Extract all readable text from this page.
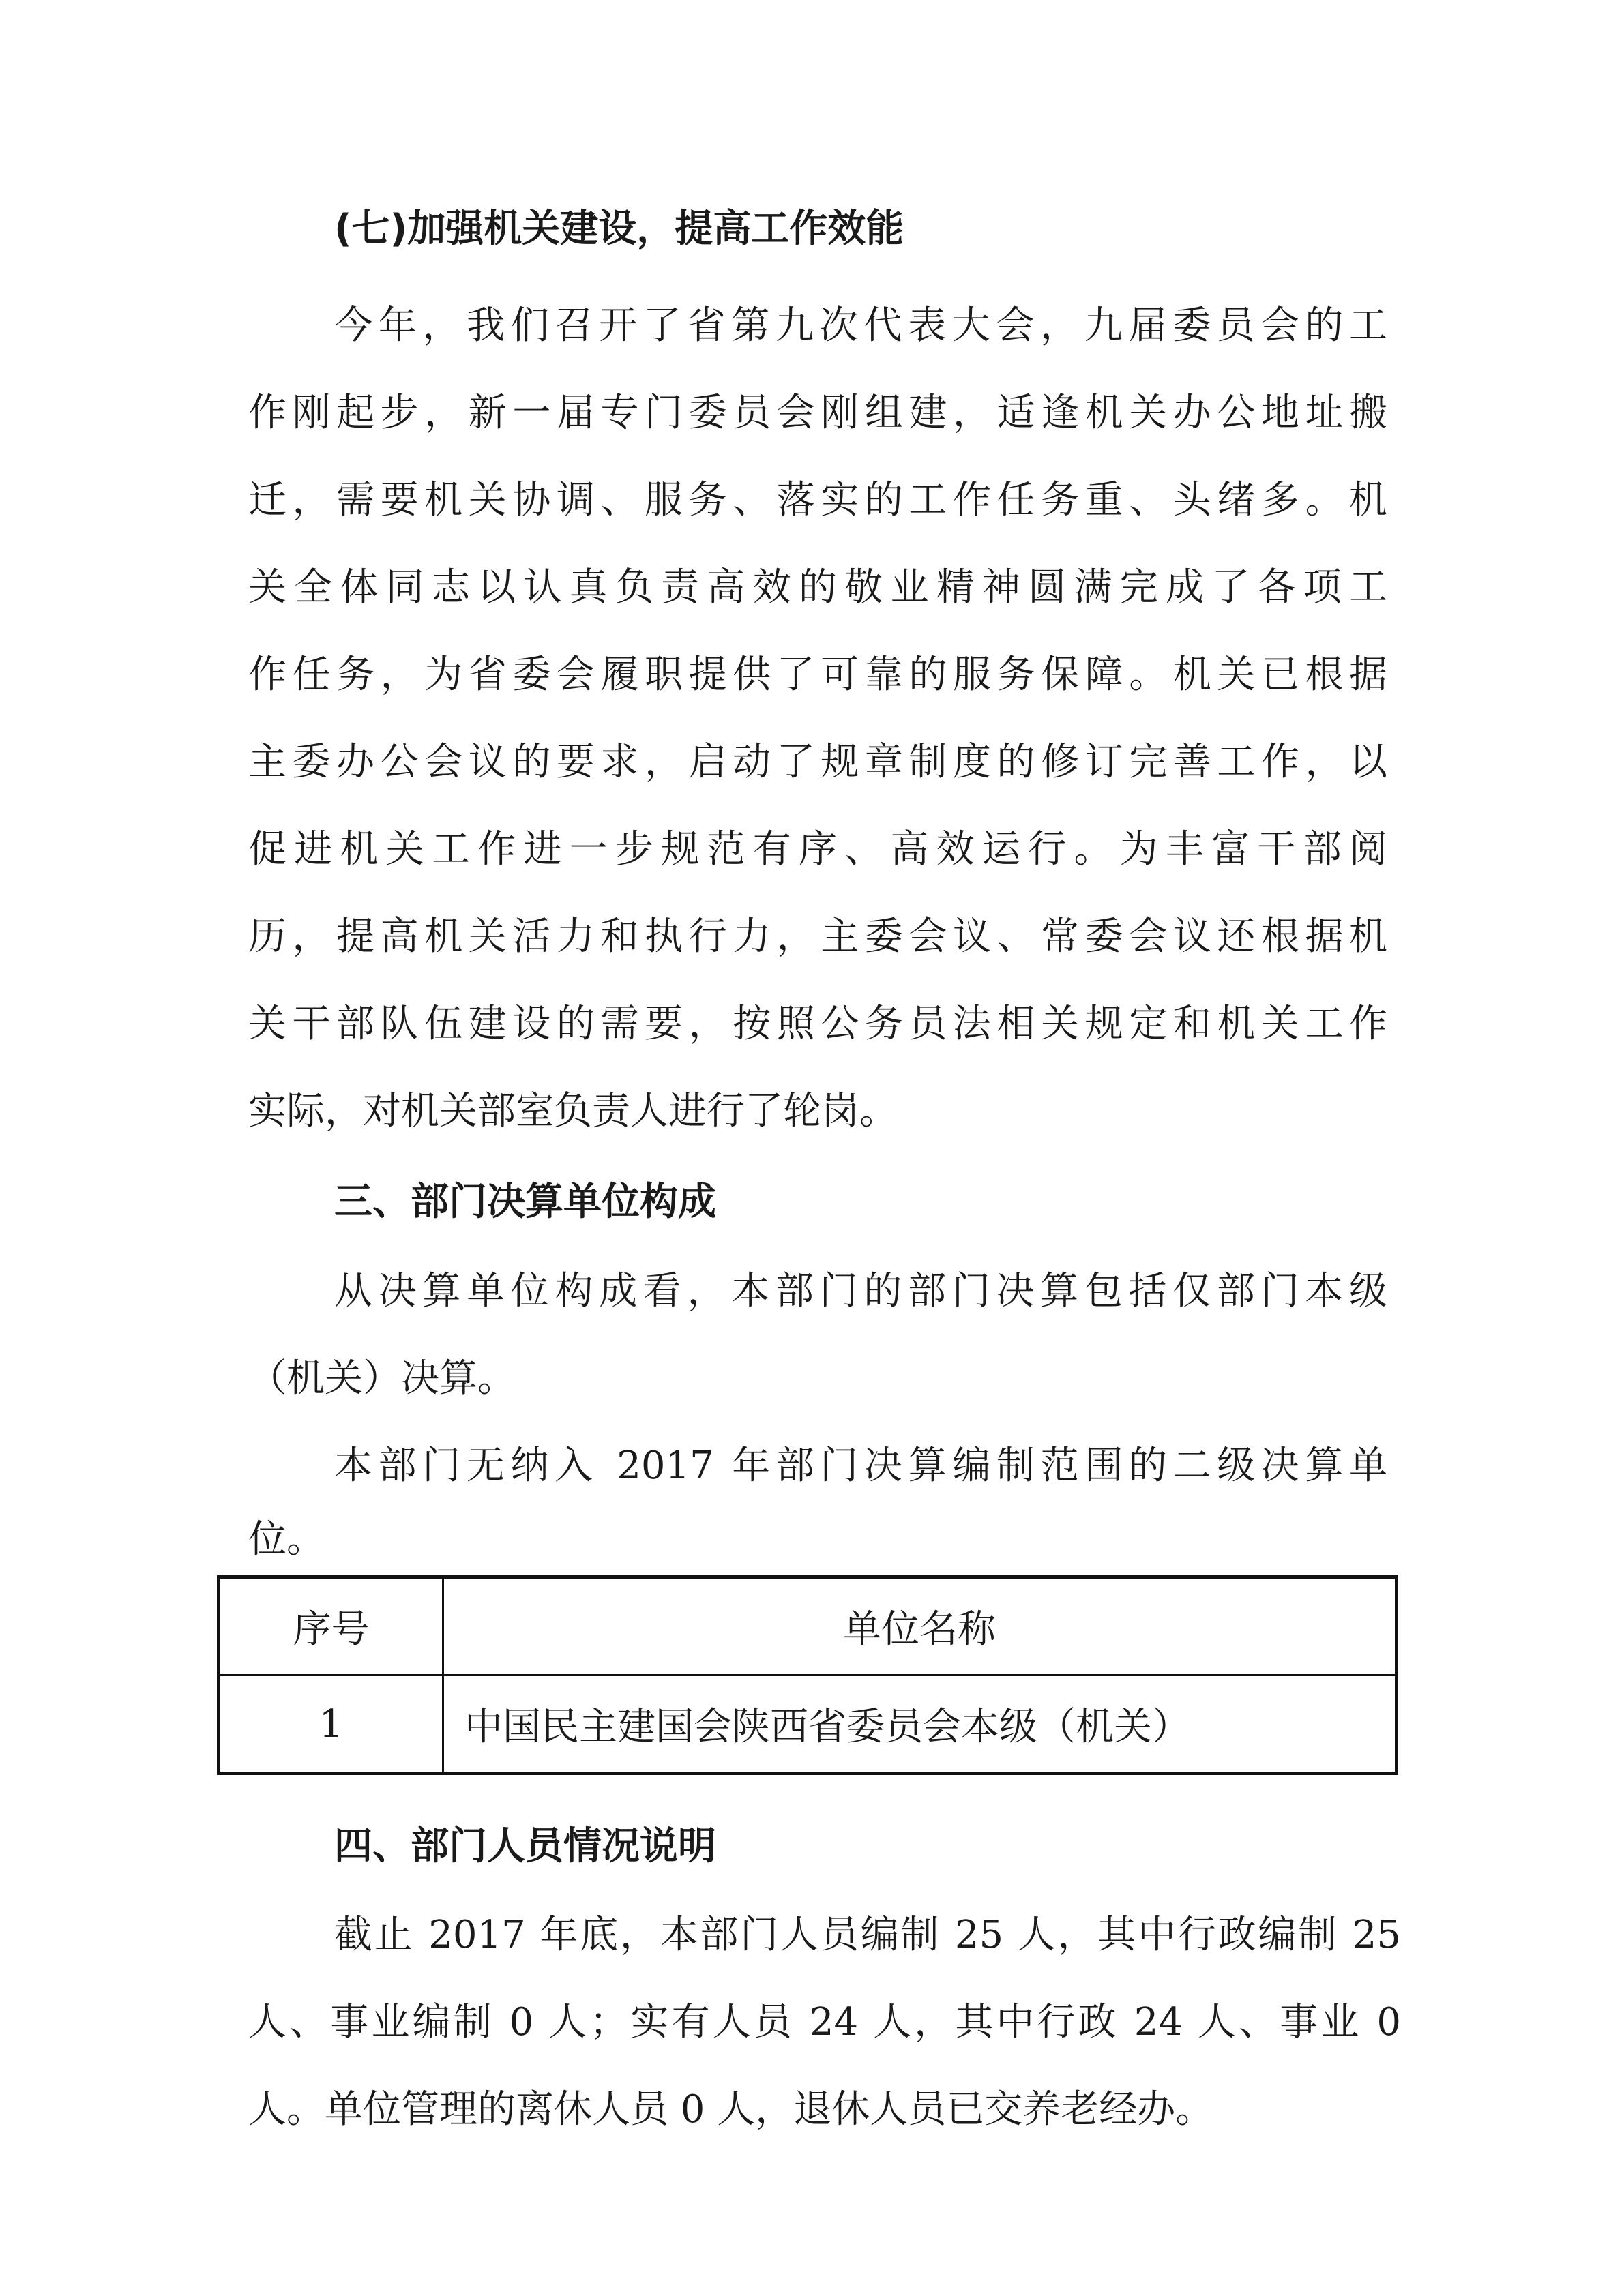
(七)加强机关建设，提高工作效能

今年，我们召开了省第九次代表大会，九届委员会的工

作刚起步，新一届专门委员会刚组建，适逢机关办公地址搬

迁，需要机关协调、服务、落实的工作任务重、头绪多。机

关全体同志以认真负责高效的敬业精神圆满完成了各项工

作任务，为省委会履职提供了可靠的服务保障。机关已根据

主委办公会议的要求，启动了规章制度的修订完善工作，以

促进机关工作进一步规范有序、高效运行。为丰富干部阅

历，提高机关活力和执行力，主委会议、常委会议还根据机

关干部队伍建设的需要，按照公务员法相关规定和机关工作

实际，对机关部室负责人进行了轮岗。

三、部门决算单位构成

从决算单位构成看，本部门的部门决算包括仅部门本级

（机关）决算。

本部门无纳入 2017 年部门决算编制范围的二级决算单

位。

序号	单位名称
1	中国民主建国会陕西省委员会本级（机关）
四、部门人员情况说明

截止 2017 年底，本部门人员编制 25 人，其中行政编制 25

人、事业编制 0 人；实有人员 24 人，其中行政 24 人、事业 0

人。单位管理的离休人员 0 人，退休人员已交养老经办。
